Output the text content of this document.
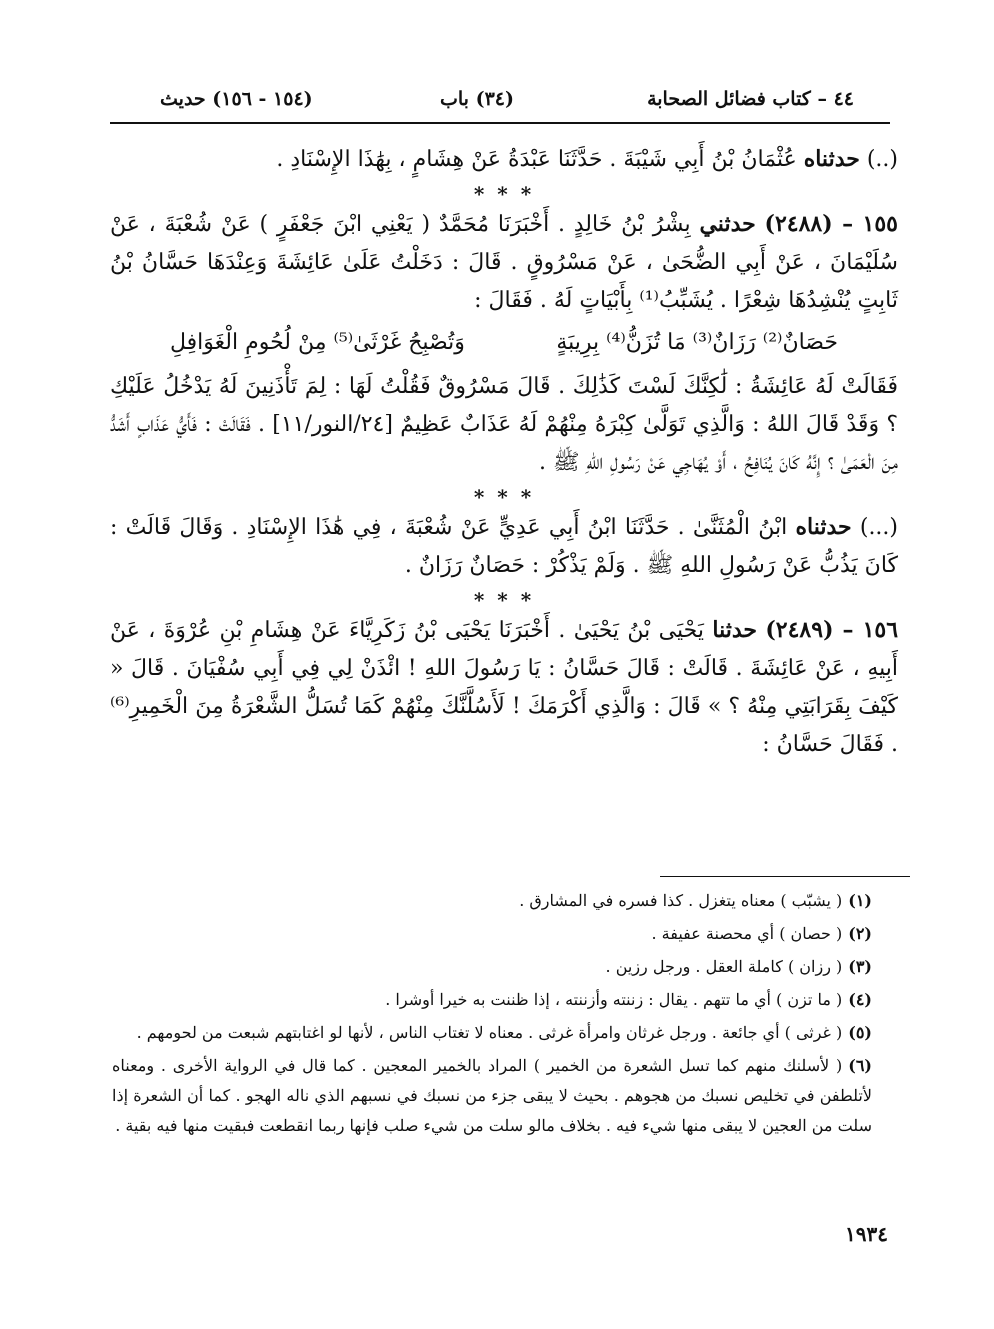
٤٤ – كتاب فضائل الصحابة
(٣٤) باب
(١٥٤ - ١٥٦) حديث

(..) حدثناه عُثْمَانُ بْنُ أَبِي شَيْبَةَ . حَدَّثَنَا عَبْدَةُ عَنْ هِشَامٍ ، بِهَٰذَا الإِسْنَادِ .

* * *

١٥٥ – (٢٤٨٨) حدثني بِشْرُ بْنُ خَالِدٍ . أَخْبَرَنَا مُحَمَّدٌ ( يَعْنِي ابْنَ جَعْفَرٍ ) عَنْ شُعْبَةَ ، عَنْ سُلَيْمَانَ ، عَنْ أَبِي الضُّحَىٰ ، عَنْ مَسْرُوقٍ . قَالَ : دَخَلْتُ عَلَىٰ عَائِشَةَ وَعِنْدَهَا حَسَّانُ بْنُ ثَابِتٍ يُنْشِدُهَا شِعْرًا . يُشَبِّبُ⁽¹⁾ بِأَبْيَاتٍ لَهُ . فَقَالَ :

حَصَانٌ⁽²⁾ رَزَانٌ⁽³⁾ مَا تُزَنُّ⁽⁴⁾ بِرِيبَةٍ
وَتُصْبِحُ غَرْثَىٰ⁽⁵⁾ مِنْ لُحُومِ الْغَوَافِلِ

فَقَالَتْ لَهُ عَائِشَةُ : لَٰكِنَّكَ لَسْتَ كَذَٰلِكَ . قَالَ مَسْرُوقٌ فَقُلْتُ لَهَا : لِمَ تَأْذَنِينَ لَهُ يَدْخُلُ عَلَيْكِ ؟ وَقَدْ قَالَ اللهُ : وَالَّذِي تَوَلَّىٰ كِبْرَهُ مِنْهُمْ لَهُ عَذَابٌ عَظِيمٌ [٢٤/النور/١١] . فَقَالَتْ : فَأَيُّ عَذَابٍ أَشَدُّ مِنَ الْعَمَىٰ ؟ إِنَّهُ كَانَ يُنَافِحُ ، أَوْ يُهَاجِي عَنْ رَسُولِ اللهِ ﷺ .

* * *

(...) حدثناه ابْنُ الْمُثَنَّىٰ . حَدَّثَنَا ابْنُ أَبِي عَدِيٍّ عَنْ شُعْبَةَ ، فِي هَٰذَا الإِسْنَادِ . وَقَالَ قَالَتْ : كَانَ يَذُبُّ عَنْ رَسُولِ اللهِ ﷺ . وَلَمْ يَذْكُرْ : حَصَانٌ رَزَانٌ .

* * *

١٥٦ – (٢٤٨٩) حدثنا يَحْيَى بْنُ يَحْيَىٰ . أَخْبَرَنَا يَحْيَى بْنُ زَكَرِيَّاءَ عَنْ هِشَامِ بْنِ عُرْوَةَ ، عَنْ أَبِيهِ ، عَنْ عَائِشَةَ . قَالَتْ : قَالَ حَسَّانُ : يَا رَسُولَ اللهِ ! ائْذَنْ لِي فِي أَبِي سُفْيَانَ . قَالَ « كَيْفَ بِقَرَابَتِي مِنْهُ ؟ » قَالَ : وَالَّذِي أَكْرَمَكَ ! لَأَسُلَّنَّكَ مِنْهُمْ كَمَا تُسَلُّ الشَّعْرَةُ مِنَ الْخَمِيرِ⁽⁶⁾ . فَقَالَ حَسَّانُ :

(١)( يشبّب ) معناه يتغزل . كذا فسره في المشارق .

(٢)( حصان ) أي محصنة عفيفة .

(٣)( رزان ) كاملة العقل . ورجل رزين .

(٤)( ما تزن ) أي ما تتهم . يقال : زننته وأزننته ، إذا ظننت به خيرا أوشرا .

(٥)( غرثى ) أي جائعة . ورجل غرثان وامرأة غرثى . معناه لا تغتاب الناس ، لأنها لو اغتابتهم شبعت من لحومهم .

(٦)( لأسلنك منهم كما تسل الشعرة من الخمير ) المراد بالخمير المعجين . كما قال في الرواية الأخرى . ومعناه لأتلطفن في تخليص نسبك من هجوهم . بحيث لا يبقى جزء من نسبك في نسبهم الذي ناله الهجو . كما أن الشعرة إذا سلت من العجين لا يبقى منها شيء فيه . بخلاف مالو سلت من شيء صلب فإنها ربما انقطعت فبقيت منها فيه بقية .

١٩٣٤
